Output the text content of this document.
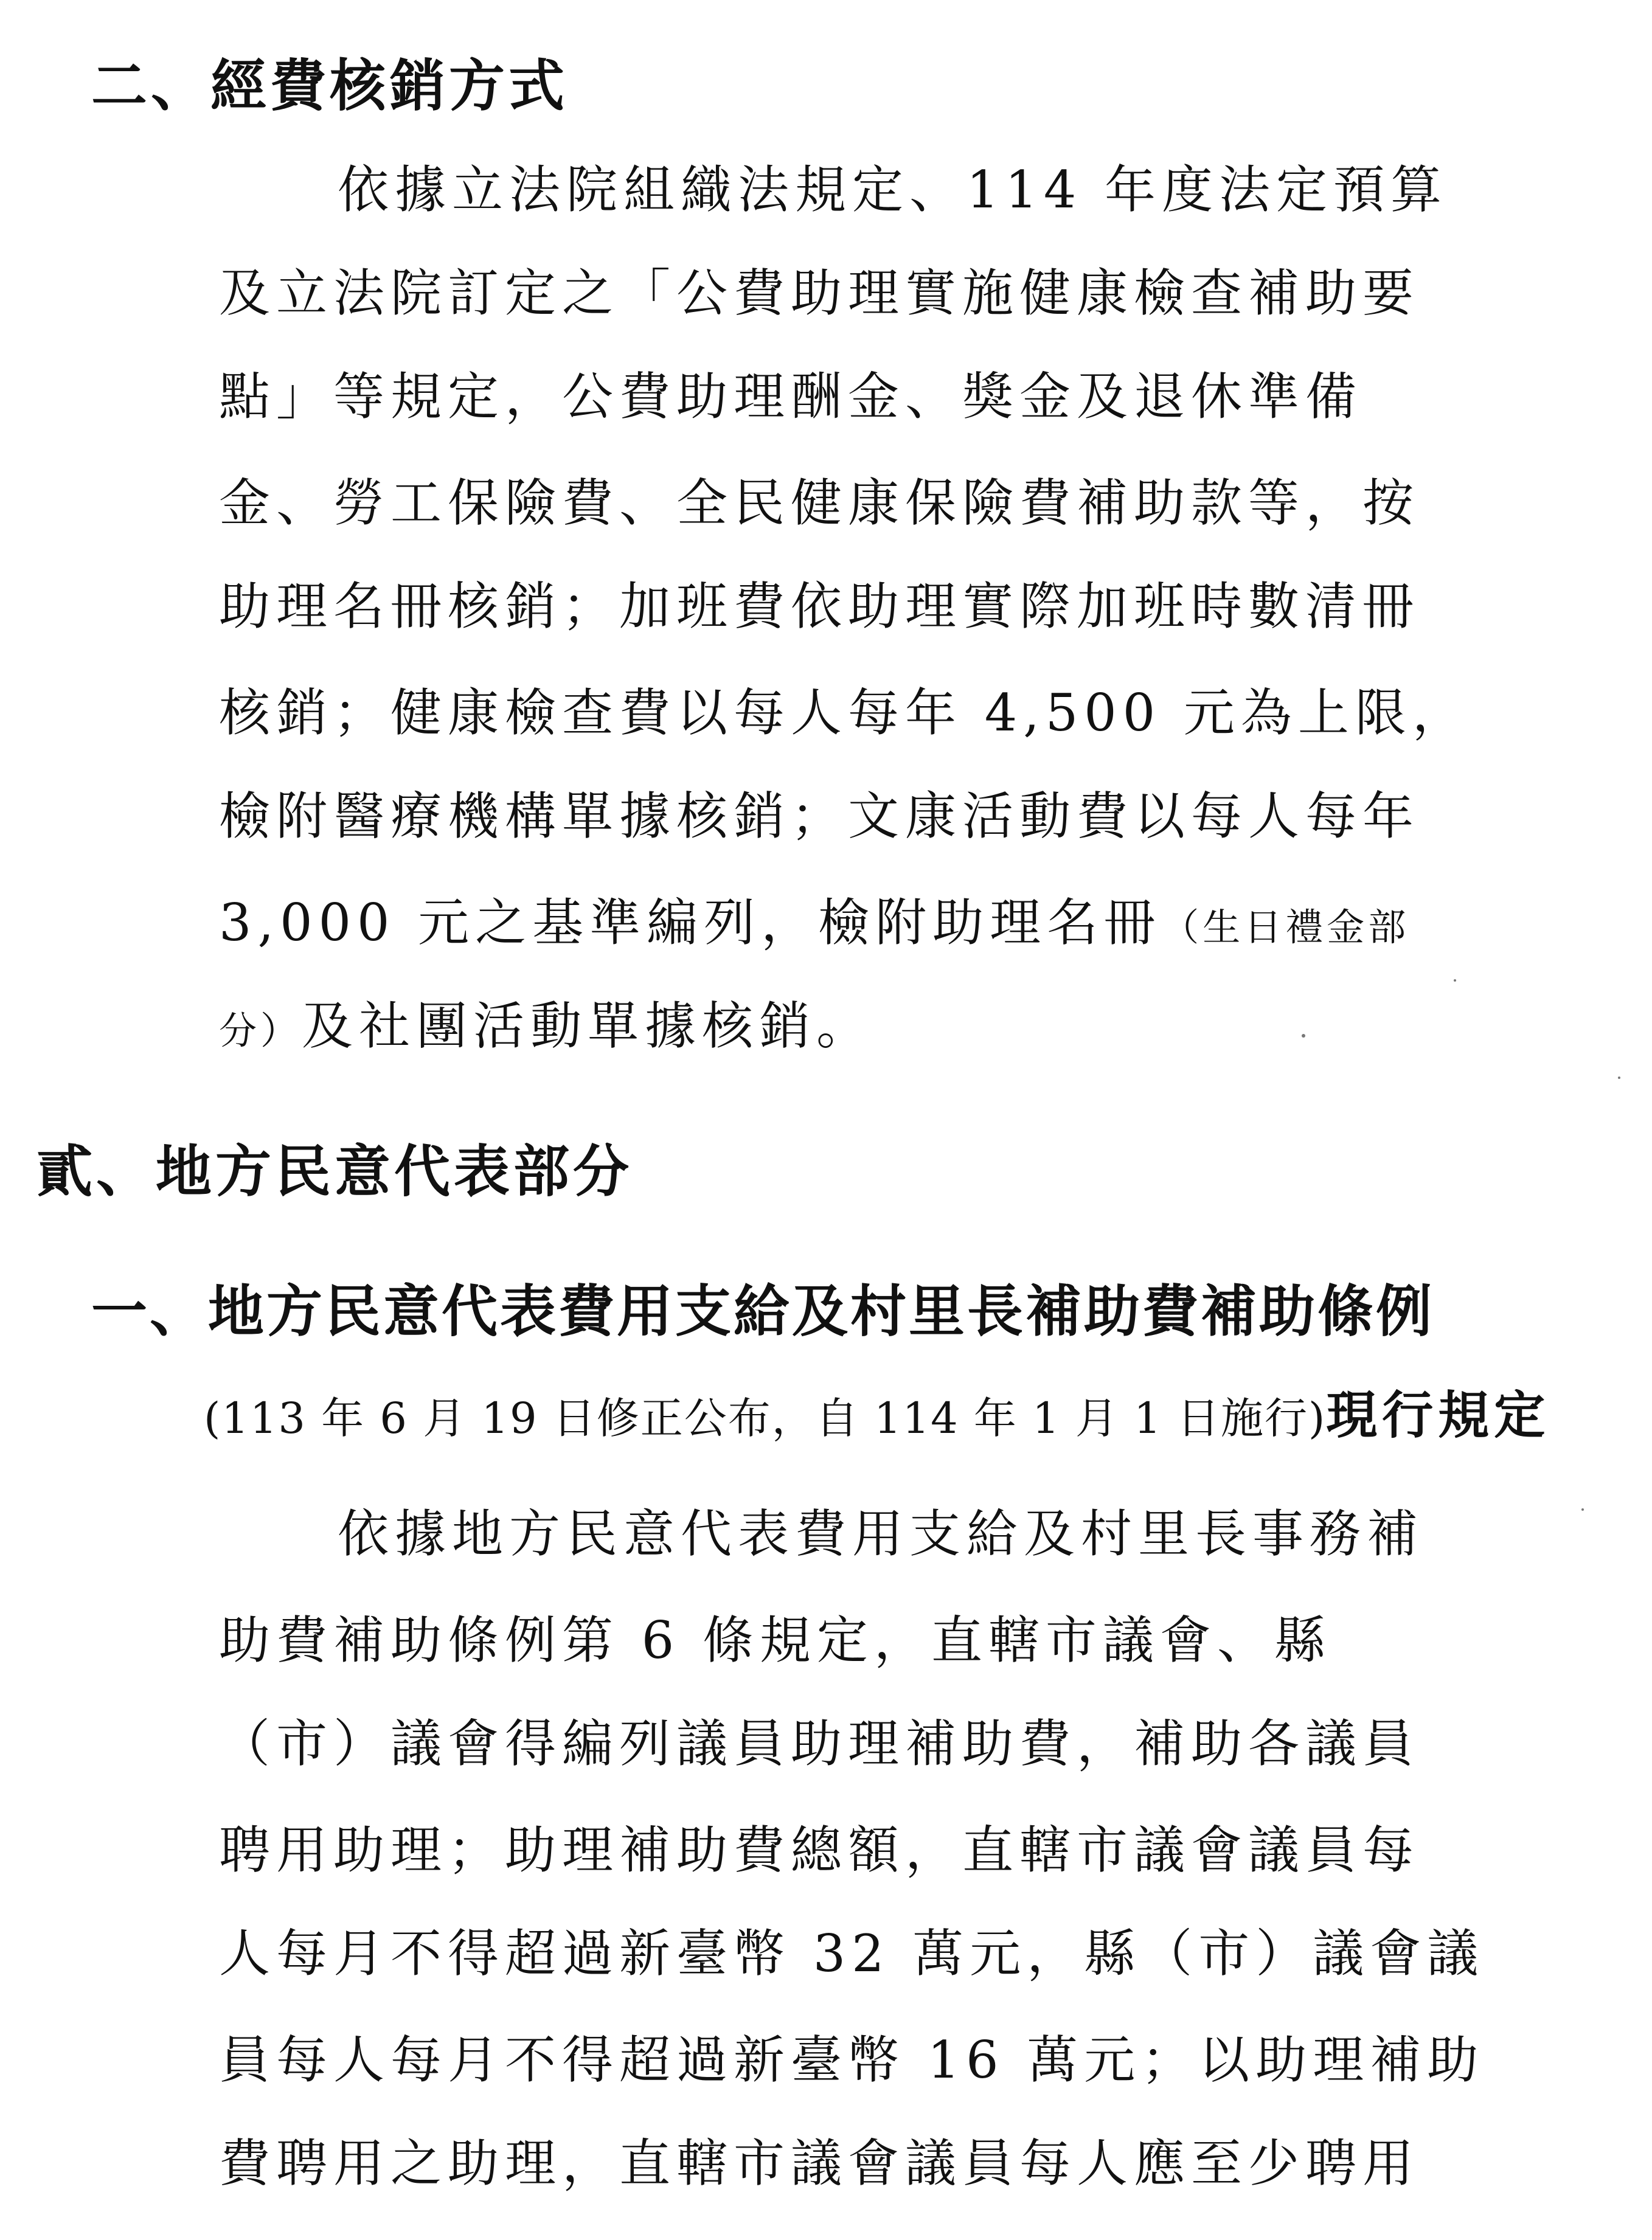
二、經費核銷方式
依據立法院組織法規定、114 年度法定預算
及立法院訂定之「公費助理實施健康檢查補助要
點」等規定，公費助理酬金、獎金及退休準備
金、勞工保險費、全民健康保險費補助款等，按
助理名冊核銷；加班費依助理實際加班時數清冊
核銷；健康檢查費以每人每年 4,500 元為上限，
檢附醫療機構單據核銷；文康活動費以每人每年
3,000 元之基準編列，檢附助理名冊（生日禮金部
分）及社團活動單據核銷。
貳、地方民意代表部分
一、地方民意代表費用支給及村里長補助費補助條例
(113 年 6 月 19 日修正公布，自 114 年 1 月 1 日施行)現行規定
依據地方民意代表費用支給及村里長事務補
助費補助條例第 6 條規定，直轄市議會、縣
（市）議會得編列議員助理補助費，補助各議員
聘用助理；助理補助費總額，直轄市議會議員每
人每月不得超過新臺幣 32 萬元，縣（市）議會議
員每人每月不得超過新臺幣 16 萬元；以助理補助
費聘用之助理，直轄市議會議員每人應至少聘用
